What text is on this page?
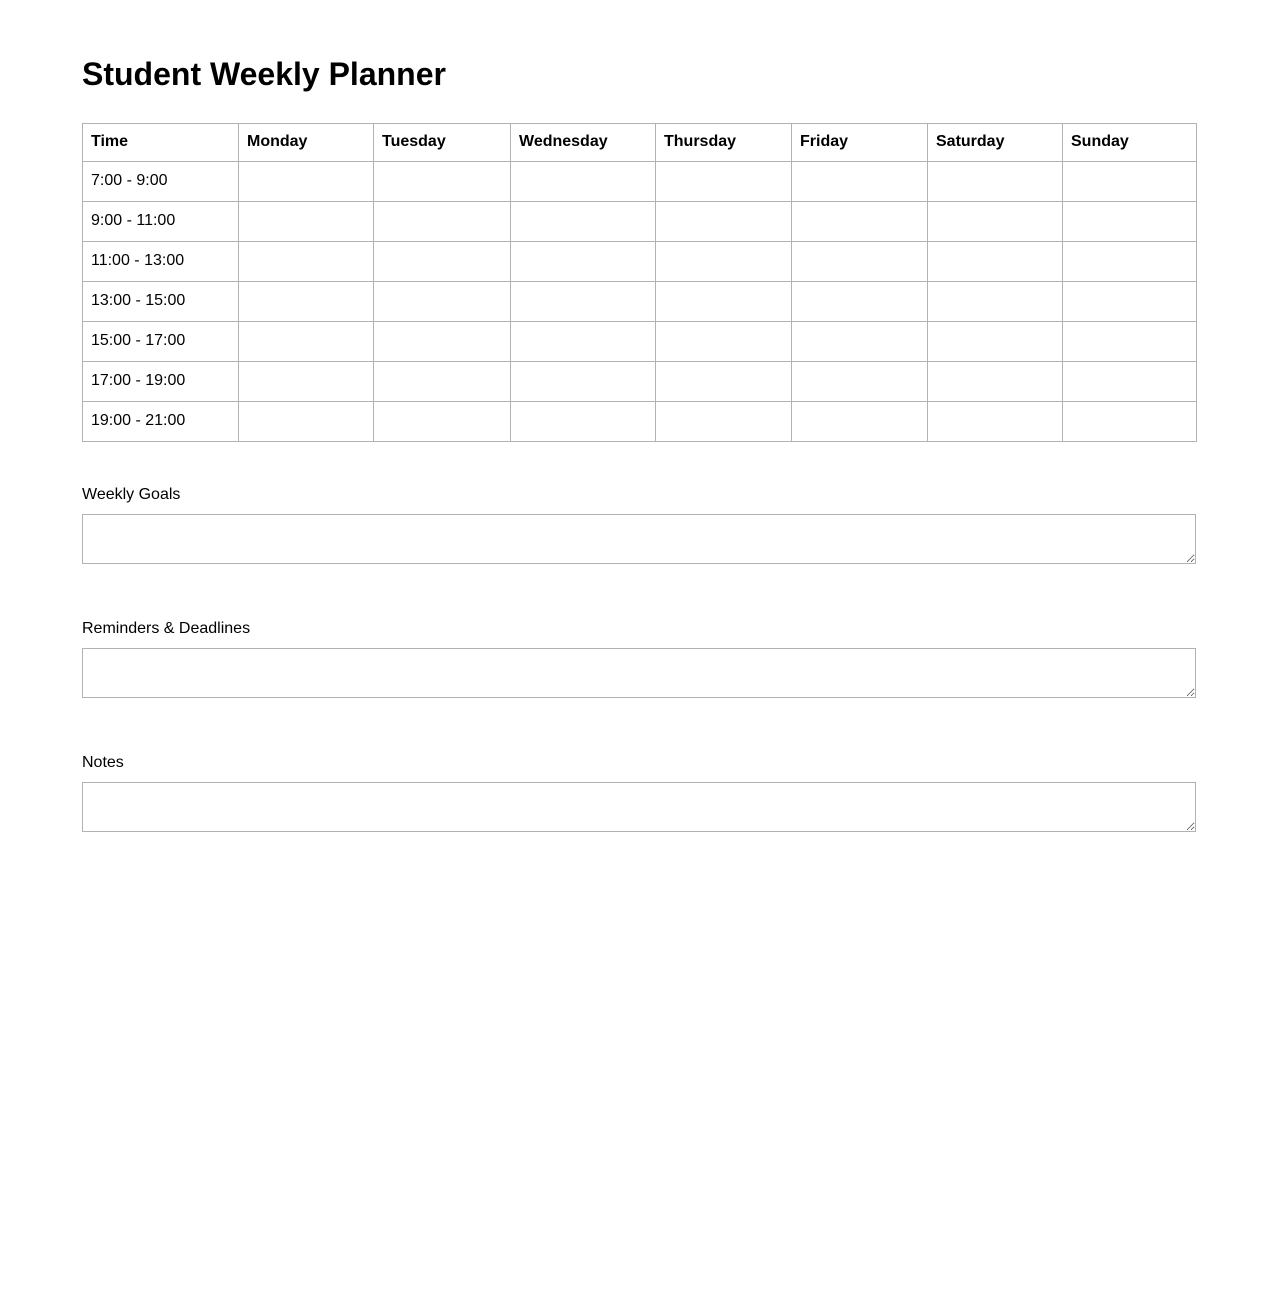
Student Weekly Planner
Time	Monday	Tuesday	Wednesday	Thursday	Friday	Saturday	Sunday
7:00 - 9:00							
9:00 - 11:00							
11:00 - 13:00							
13:00 - 15:00							
15:00 - 17:00							
17:00 - 19:00							
19:00 - 21:00							
Weekly Goals
Reminders & Deadlines
Notes
